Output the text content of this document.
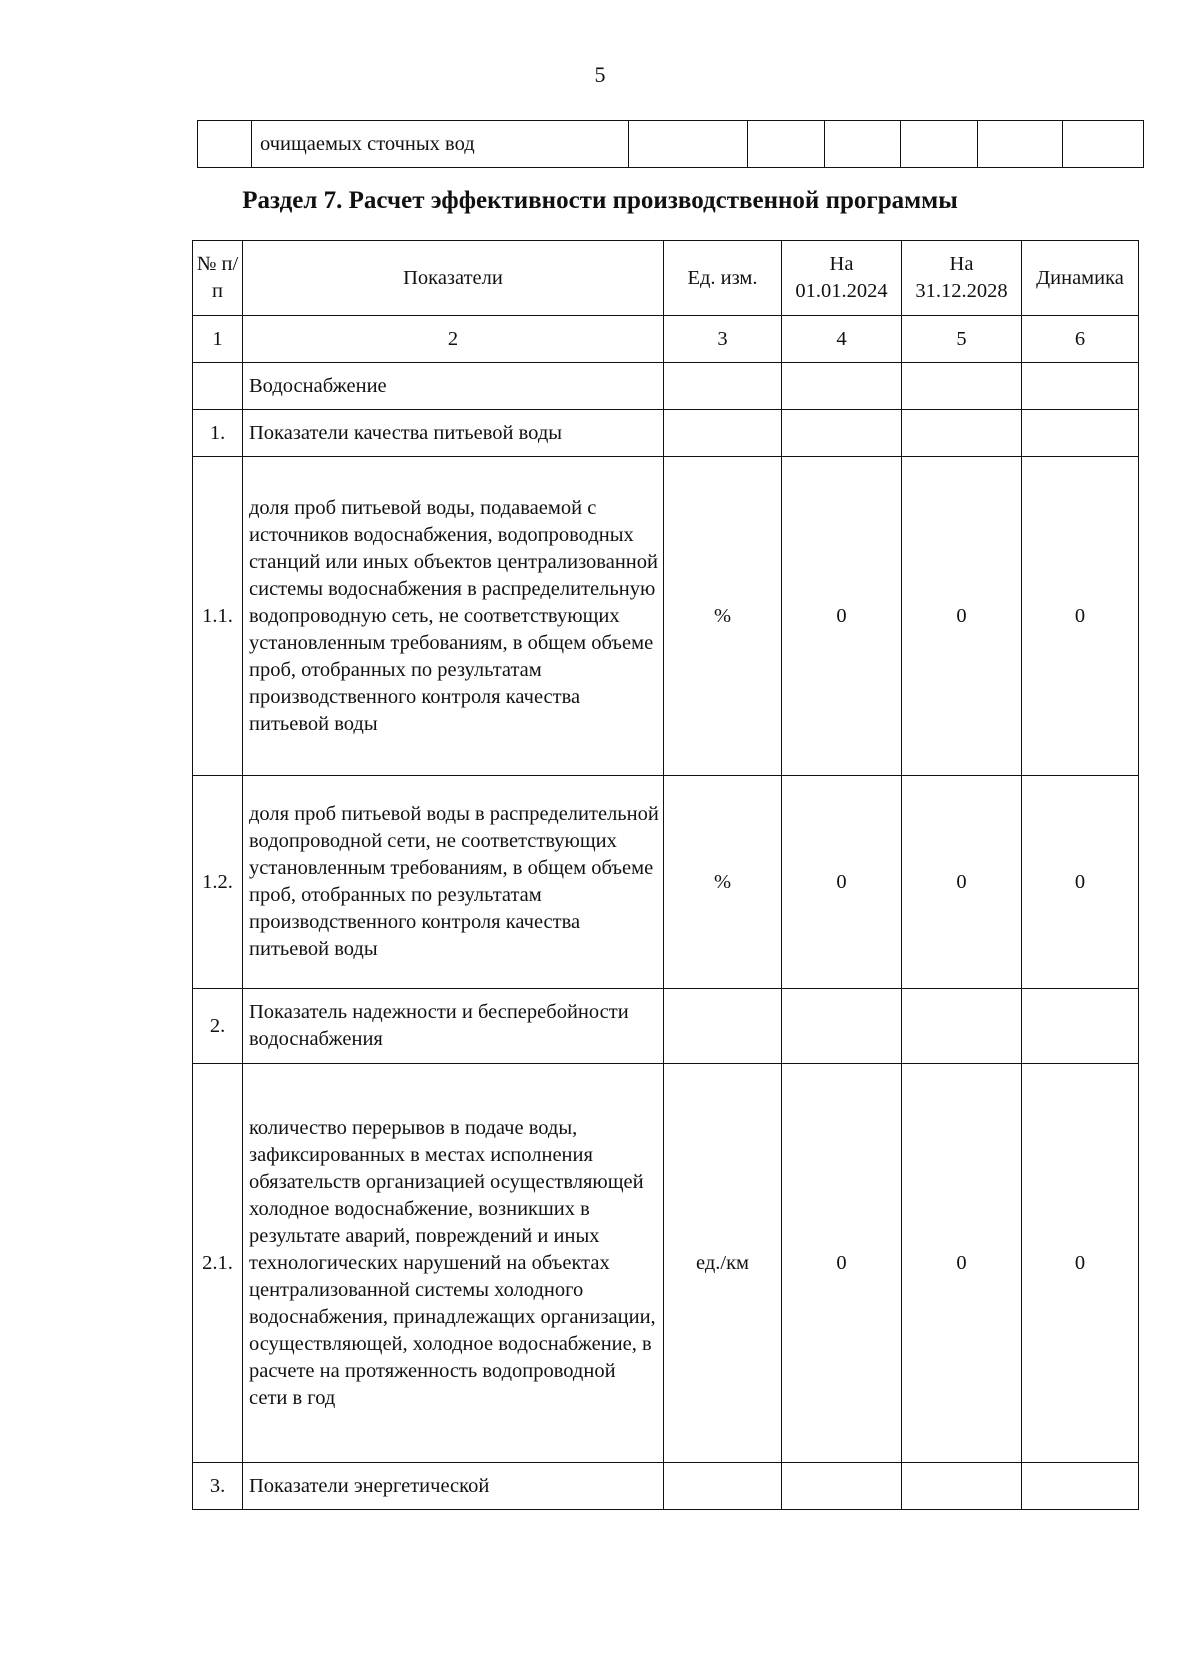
5
	очищаемых сточных вод						
Раздел 7. Расчет эффективности производственной программы
№ п/п	Показатели	Ед. изм.	На 01.01.2024	На 31.12.2028	Динамика
1	2	3	4	5	6
	Водоснабжение				
1.	Показатели качества питьевой воды				
1.1.	доля проб питьевой воды, подаваемой с источников водоснабжения, водопроводных станций или иных объектов централизованной системы водоснабжения в распределительную водопроводную сеть, не соответствующих установленным требованиям, в общем объеме проб, отобранных по результатам производственного контроля качества питьевой воды	%	0	0	0
1.2.	доля проб питьевой воды в распределительной водопроводной сети, не соответствующих установленным требованиям, в общем объеме проб, отобранных по результатам производственного контроля качества питьевой воды	%	0	0	0
2.	Показатель надежности и бесперебойности водоснабжения				
2.1.	количество перерывов в подаче воды, зафиксированных в местах исполнения обязательств организацией осуществляющей холодное водоснабжение, возникших в результате аварий, повреждений и иных технологических нарушений на объектах централизованной системы холодного водоснабжения, принадлежащих организации, осуществляющей, холодное водоснабжение, в расчете на протяженность водопроводной сети в год	ед./км	0	0	0
3.	Показатели энергетической				
